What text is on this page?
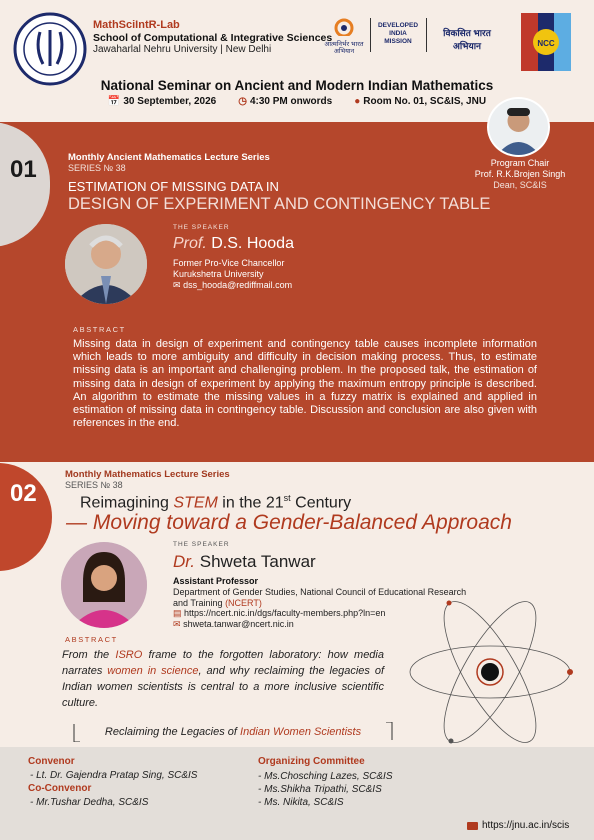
MathSciIntR-Lab
School of Computational & Integrative Sciences
Jawaharlal Nehru University | New Delhi	आत्मनिर्भर भारत अभियान
DEVELOPED INDIA MISSION
विकसित भारत अभियान	NCC
National Seminar on Ancient and Modern Indian Mathematics
📅 30 September, 2026 ◷ 4:30 PM onwords ● Room No. 01, SC&IS, JNU
01	Monthly Ancient Mathematics Lecture Series
SERIES № 38
ESTIMATION OF MISSING DATA IN
DESIGN OF EXPERIMENT AND CONTINGENCY TABLE
Program Chair
Prof. R.K.Brojen Singh
Dean, SC&IS
THE SPEAKER
Prof. D.S. Hooda
Former Pro-Vice Chancellor
Kurukshetra University
✉ dss_hooda@rediffmail.com
ABSTRACT
Missing data in design of experiment and contingency table causes incomplete information which leads to more ambiguity and difficulty in decision making process. Thus, to estimate missing data is an important and challenging problem. In the proposed talk, the estimation of missing data in design of experiment by applying the maximum entropy principle is described. An algorithm to estimate the missing values in a fuzzy matrix is explained and applied in estimation of missing data in contingency table. Discussion and conclusion are also given with references in the end.
02
Monthly Mathematics Lecture Series
SERIES № 38
Reimagining STEM in the 21st Century
— Moving toward a Gender-Balanced Approach
THE SPEAKER
Dr. Shweta Tanwar
Assistant Professor
Department of Gender Studies, National Council of Educational Research and Training (NCERT)
▤ https://ncert.nic.in/dgs/faculty-members.php?ln=en
✉ shweta.tanwar@ncert.nic.in
ABSTRACT
From the ISRO frame to the forgotten laboratory: how media narrates women in science, and why reclaiming the legacies of Indian women scientists is central to a more inclusive scientific culture.
Reclaiming the Legacies of Indian Women Scientists
Convenor
- Lt. Dr. Gajendra Pratap Sing, SC&IS
Co-Convenor
- Mr.Tushar Dedha, SC&IS
Organizing Committee
- Ms.Chosching Lazes, SC&IS
- Ms.Shikha Tripathi, SC&IS
- Ms. Nikita, SC&IS
https://jnu.ac.in/scis
